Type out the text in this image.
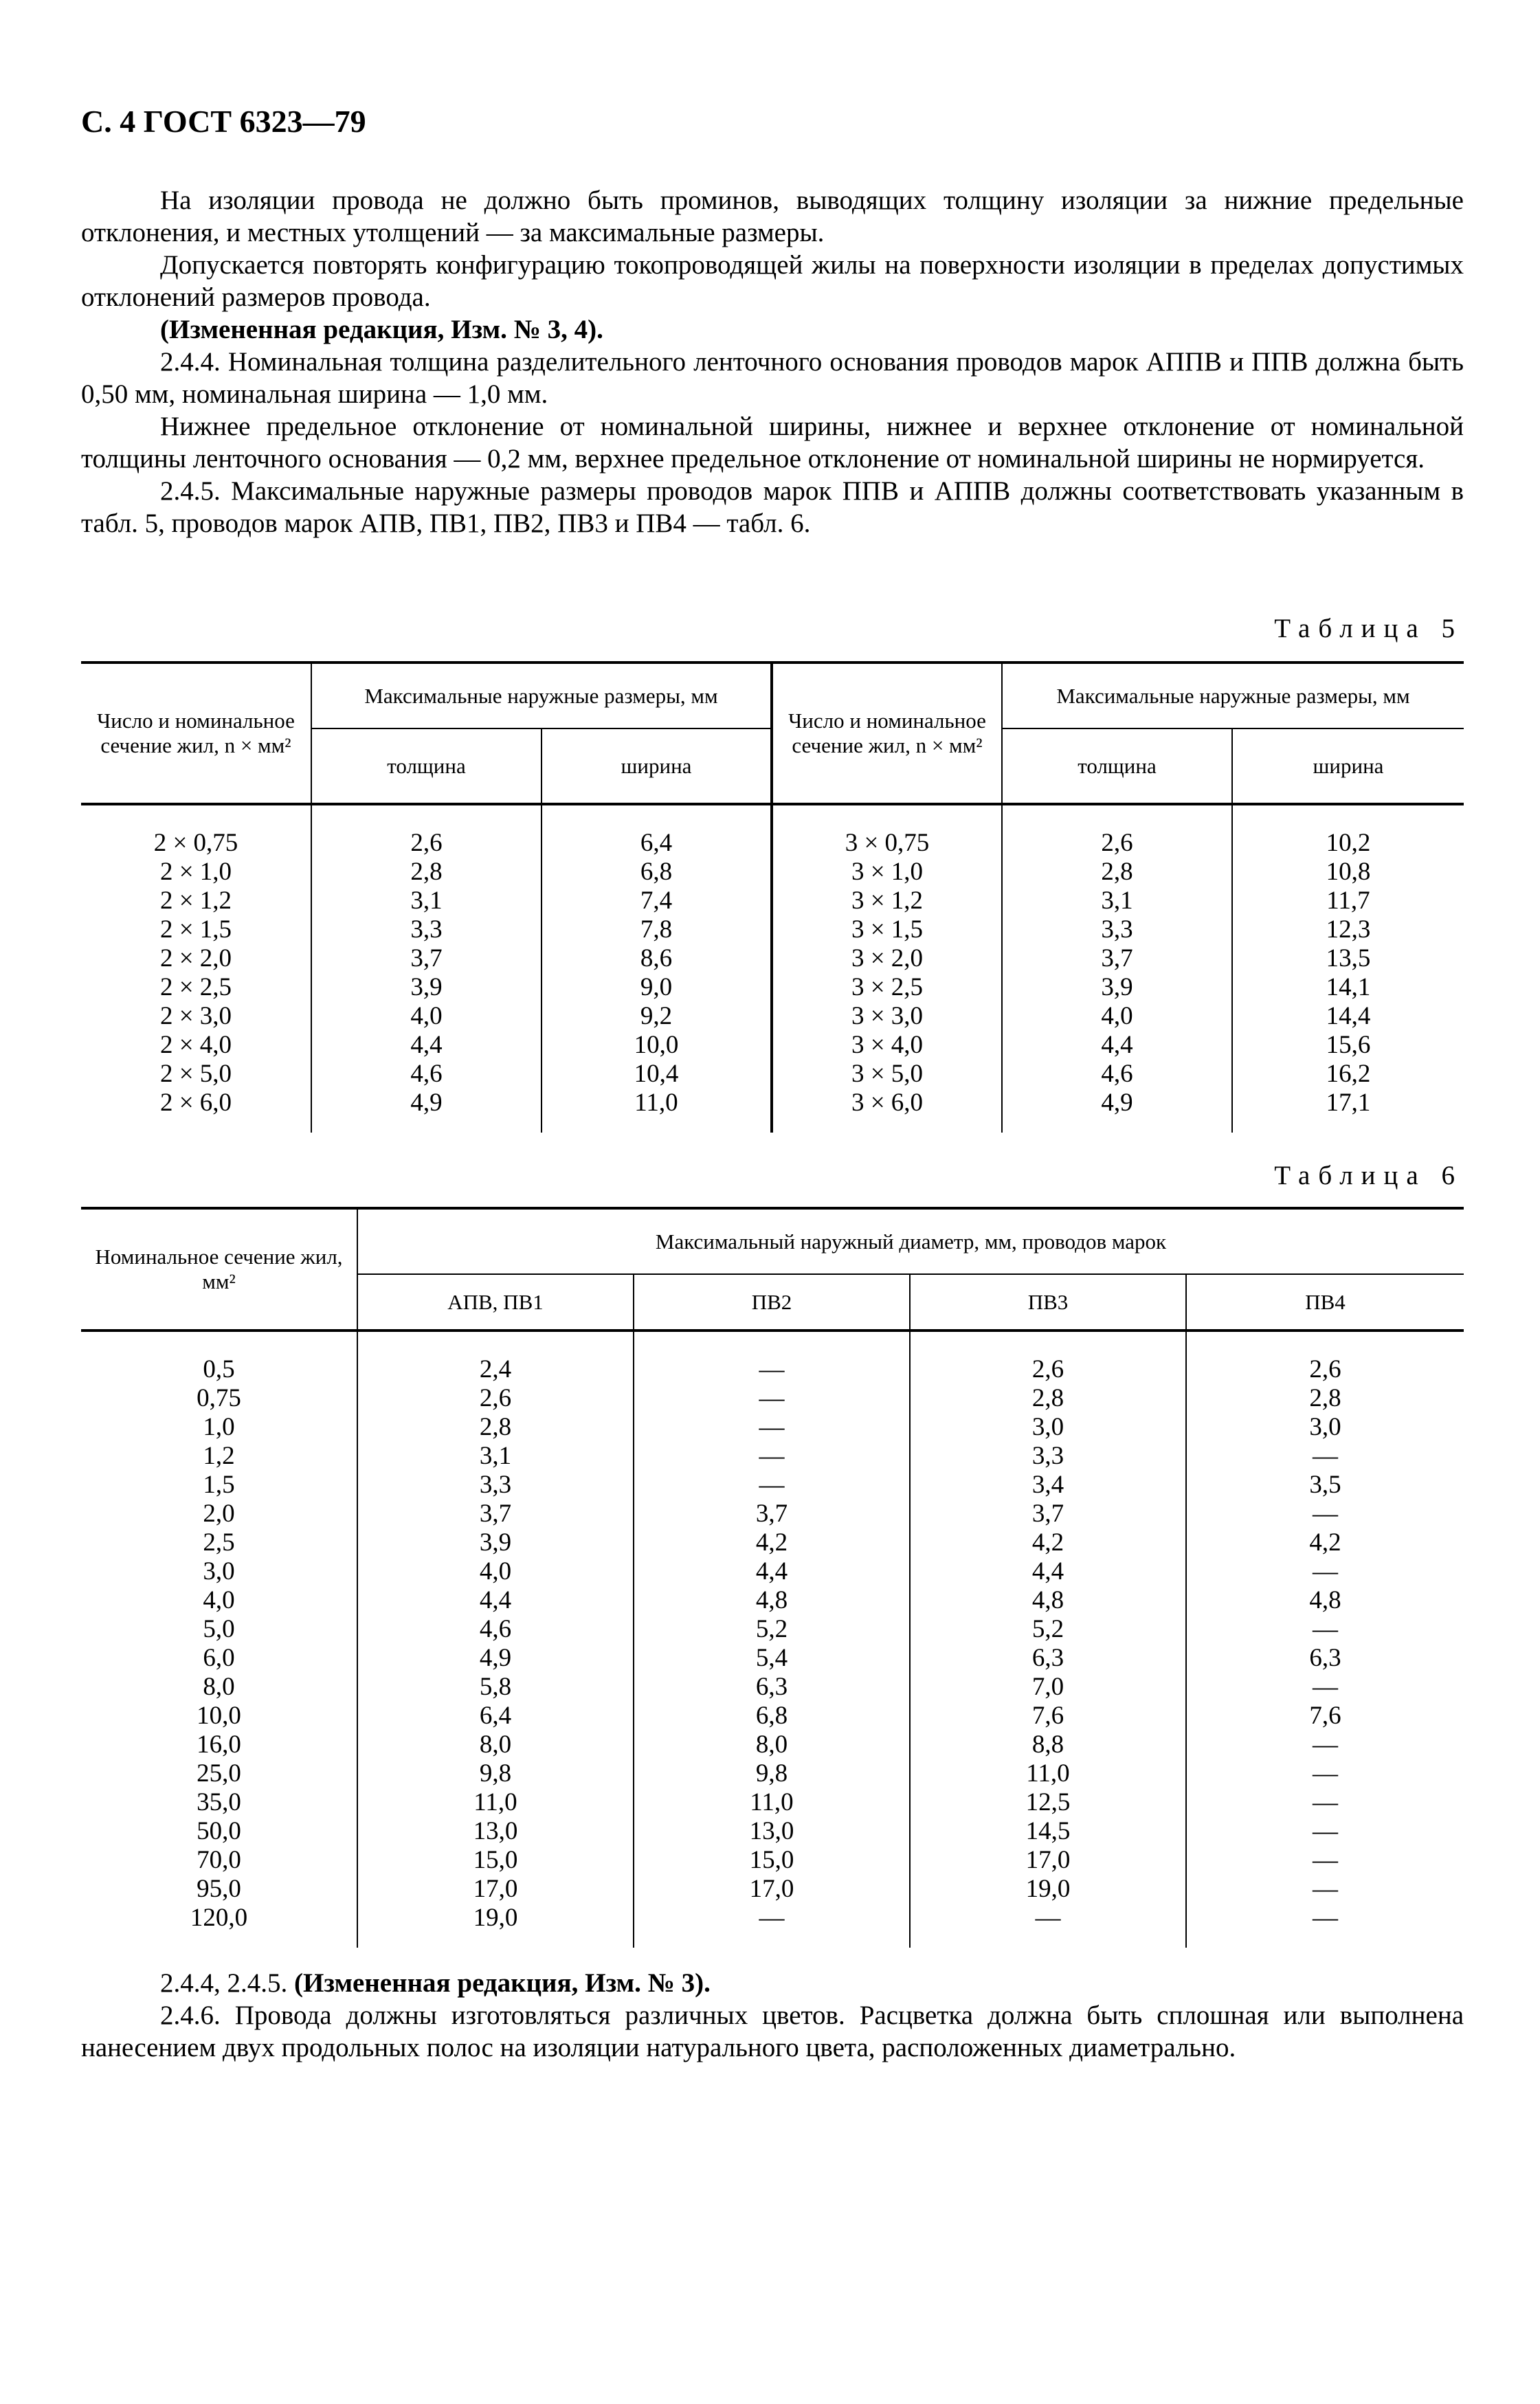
С. 4 ГОСТ 6323—79

На изоляции провода не должно быть проминов, выводящих толщину изоляции за нижние предельные отклонения, и местных утолщений — за максимальные размеры.

Допускается повторять конфигурацию токопроводящей жилы на поверхности изоляции в пределах допустимых отклонений размеров провода.

(Измененная редакция, Изм. № 3, 4).

2.4.4. Номинальная толщина разделительного ленточного основания проводов марок АППВ и ППВ должна быть 0,50 мм, номинальная ширина — 1,0 мм.

Нижнее предельное отклонение от номинальной ширины, нижнее и верхнее отклонение от номинальной толщины ленточного основания — 0,2 мм, верхнее предельное отклонение от номинальной ширины не нормируется.

2.4.5. Максимальные наружные размеры проводов марок ППВ и АППВ должны соответствовать указанным в табл. 5, проводов марок АПВ, ПВ1, ПВ2, ПВ3 и ПВ4 — табл. 6.

Таблица 5
Число и номинальное сечение жил, n × мм²	Максимальные наружные размеры, мм		Число и номинальное сечение жил, n × мм²	Максимальные наружные размеры, мм	
	толщина	ширина		толщина	ширина
2 × 0,75	2,6	6,4	3 × 0,75	2,6	10,2
2 × 1,0	2,8	6,8	3 × 1,0	2,8	10,8
2 × 1,2	3,1	7,4	3 × 1,2	3,1	11,7
2 × 1,5	3,3	7,8	3 × 1,5	3,3	12,3
2 × 2,0	3,7	8,6	3 × 2,0	3,7	13,5
2 × 2,5	3,9	9,0	3 × 2,5	3,9	14,1
2 × 3,0	4,0	9,2	3 × 3,0	4,0	14,4
2 × 4,0	4,4	10,0	3 × 4,0	4,4	15,6
2 × 5,0	4,6	10,4	3 × 5,0	4,6	16,2
2 × 6,0	4,9	11,0	3 × 6,0	4,9	17,1
Таблица 6
Номинальное сечение жил, мм²	Максимальный наружный диаметр, мм, проводов марок			
	АПВ, ПВ1	ПВ2	ПВ3	ПВ4
0,5	2,4	—	2,6	2,6
0,75	2,6	—	2,8	2,8
1,0	2,8	—	3,0	3,0
1,2	3,1	—	3,3	—
1,5	3,3	—	3,4	3,5
2,0	3,7	3,7	3,7	—
2,5	3,9	4,2	4,2	4,2
3,0	4,0	4,4	4,4	—
4,0	4,4	4,8	4,8	4,8
5,0	4,6	5,2	5,2	—
6,0	4,9	5,4	6,3	6,3
8,0	5,8	6,3	7,0	—
10,0	6,4	6,8	7,6	7,6
16,0	8,0	8,0	8,8	—
25,0	9,8	9,8	11,0	—
35,0	11,0	11,0	12,5	—
50,0	13,0	13,0	14,5	—
70,0	15,0	15,0	17,0	—
95,0	17,0	17,0	19,0	—
120,0	19,0	—	—	—

2.4.4, 2.4.5. (Измененная редакция, Изм. № 3).

2.4.6. Провода должны изготовляться различных цветов. Расцветка должна быть сплошная или выполнена нанесением двух продольных полос на изоляции натурального цвета, расположенных диаметрально.
